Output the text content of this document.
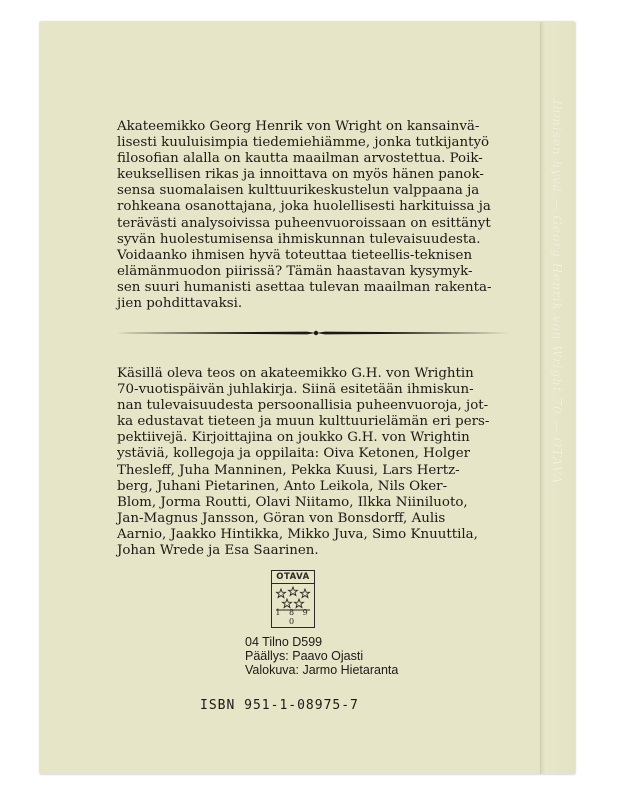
Ihmisen hyvä — Georg Henrik von Wright 70 — OTAVA

Akateemikko Georg Henrik von Wright on kansainvä-
lisesti kuuluisimpia tiedemiehiämme, jonka tutkijantyö
filosofian alalla on kautta maailman arvostettua. Poik-
keuksellisen rikas ja innoittava on myös hänen panok-
sensa suomalaisen kulttuurikeskustelun valppaana ja
rohkeana osanottajana, joka huolellisesti harkituissa ja
terävästi analysoivissa puheenvuoroissaan on esittänyt
syvän huolestumisensa ihmiskunnan tulevaisuudesta.
Voidaanko ihmisen hyvä toteuttaa tieteellis-teknisen
elämänmuodon piirissä? Tämän haastavan kysymyk-
sen suuri humanisti asettaa tulevan maailman rakenta-
jien pohdittavaksi.

Käsillä oleva teos on akateemikko G.H. von Wrightin
70-vuotispäivän juhlakirja. Siinä esitetään ihmiskun-
nan tulevaisuudesta persoonallisia puheenvuoroja, jot-
ka edustavat tieteen ja muun kulttuurielämän eri pers-
pektiivejä. Kirjoittajina on joukko G.H. von Wrightin
ystäviä, kollegoja ja oppilaita: Oiva Ketonen, Holger
Thesleff, Juha Manninen, Pekka Kuusi, Lars Hertz-
berg, Juhani Pietarinen, Anto Leikola, Nils Oker-
Blom, Jorma Routti, Olavi Niitamo, Ilkka Niiniluoto,
Jan-Magnus Jansson, Göran von Bonsdorff, Aulis
Aarnio, Jaakko Hintikka, Mikko Juva, Simo Knuuttila,
Johan Wrede ja Esa Saarinen.

OTAVA
1 8 9 0
04 Tilno D599
Päällys: Paavo Ojasti
Valokuva: Jarmo Hietaranta
ISBN 951-1-08975-7
